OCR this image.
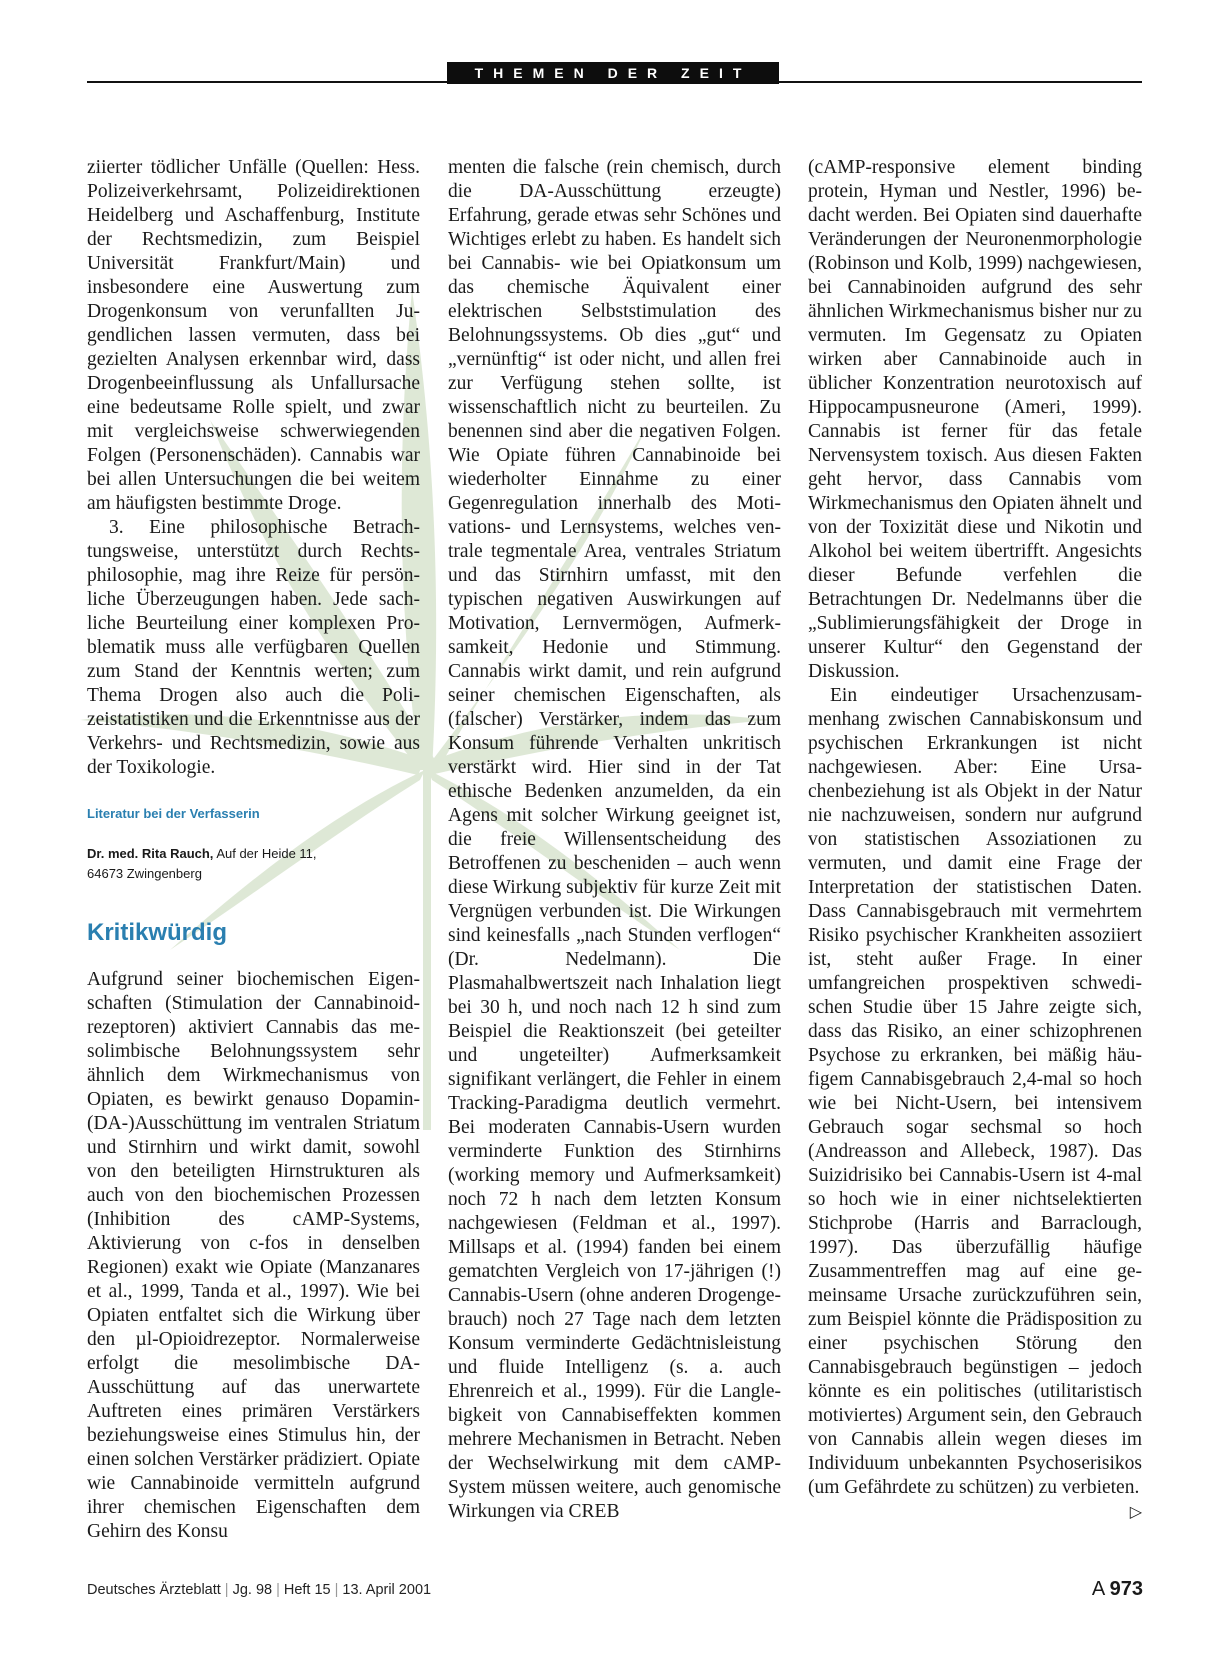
THEMEN DER ZEIT

ziierter tödlicher Unfälle (Quellen: Hess. Polizeiverkehrsamt, Polizeidirektionen Heidelberg und Aschaffenburg, Institute der Rechtsmedizin, zum Beispiel Universität Frankfurt/Main) und insbesondere eine Auswertung zum Drogenkonsum von verunfallten Jugendlichen lassen vermuten, dass bei gezielten Analysen erkennbar wird, dass Drogenbeeinflussung als Unfallursache eine bedeutsame Rolle spielt, und zwar mit vergleichsweise schwerwiegenden Folgen (Personenschäden). Cannabis war bei allen Untersuchungen die bei weitem am häufigsten bestimmte Droge.

3. Eine philosophische Betrachtungsweise, unterstützt durch Rechtsphilosophie, mag ihre Reize für persönliche Überzeugungen haben. Jede sachliche Beurteilung einer komplexen Problematik muss alle verfügbaren Quellen zum Stand der Kenntnis werten; zum Thema Drogen also auch die Polizeistatistiken und die Erkenntnisse aus der Verkehrs- und Rechtsmedizin, sowie aus der Toxikologie.

Literatur bei der Verfasserin
Dr. med. Rita Rauch, Auf der Heide 11,
64673 Zwingenberg
Kritikwürdig

Aufgrund seiner biochemischen Eigenschaften (Stimulation der Cannabinoidrezeptoren) aktiviert Cannabis das mesolimbische Belohnungssystem sehr ähnlich dem Wirkmechanismus von Opiaten, es bewirkt genauso Dopamin-(DA-)Ausschüttung im ventralen Striatum und Stirnhirn und wirkt damit, sowohl von den beteiligten Hirnstrukturen als auch von den biochemischen Prozessen (Inhibition des cAMP-Systems, Aktivierung von c-fos in denselben Regionen) exakt wie Opiate (Manzanares et al., 1999, Tanda et al., 1997). Wie bei Opiaten entfaltet sich die Wirkung über den µl-Opioidrezeptor. Normalerweise erfolgt die mesolimbische DA-Ausschüttung auf das unerwartete Auftreten eines primären Verstärkers beziehungsweise eines Stimulus hin, der einen solchen Verstärker prädiziert. Opiate wie Cannabinoide vermitteln aufgrund ihrer chemischen Eigenschaften dem Gehirn des Konsu

menten die falsche (rein chemisch, durch die DA-Ausschüttung erzeugte) Erfahrung, gerade etwas sehr Schönes und Wichtiges erlebt zu haben. Es handelt sich bei Cannabis- wie bei Opiatkonsum um das chemische Äquivalent einer elektrischen Selbststimulation des Belohnungssystems. Ob dies „gut“ und „vernünftig“ ist oder nicht, und allen frei zur Verfügung stehen sollte, ist wissenschaftlich nicht zu beurteilen. Zu benennen sind aber die negativen Folgen. Wie Opiate führen Cannabinoide bei wiederholter Einnahme zu einer Gegenregulation innerhalb des Motivations- und Lernsystems, welches ventrale tegmentale Area, ventrales Striatum und das Stirnhirn umfasst, mit den typischen negativen Auswirkungen auf Motivation, Lernvermögen, Aufmerksamkeit, Hedonie und Stimmung. Cannabis wirkt damit, und rein aufgrund seiner chemischen Eigenschaften, als (falscher) Verstärker, indem das zum Konsum führende Verhalten unkritisch verstärkt wird. Hier sind in der Tat ethische Bedenken anzumelden, da ein Agens mit solcher Wirkung geeignet ist, die freie Willensentscheidung des Betroffenen zu bescheniden – auch wenn diese Wirkung subjektiv für kurze Zeit mit Vergnügen verbunden ist. Die Wirkungen sind keinesfalls „nach Stunden verflogen“ (Dr. Nedelmann). Die Plasmahalbwertszeit nach Inhalation liegt bei 30 h, und noch nach 12 h sind zum Beispiel die Reaktionszeit (bei geteilter und ungeteilter) Aufmerksamkeit signifikant verlängert, die Fehler in einem Tracking-Paradigma deutlich vermehrt. Bei moderaten Cannabis-Usern wurden verminderte Funktion des Stirnhirns (working memory und Aufmerksamkeit) noch 72 h nach dem letzten Konsum nachgewiesen (Feldman et al., 1997). Millsaps et al. (1994) fanden bei einem gematchten Vergleich von 17-jährigen (!) Cannabis-Usern (ohne anderen Drogengebrauch) noch 27 Tage nach dem letzten Konsum verminderte Gedächtnisleistung und fluide Intelligenz (s. a. auch Ehrenreich et al., 1999). Für die Langlebigkeit von Cannabiseffekten kommen mehrere Mechanismen in Betracht. Neben der Wechselwirkung mit dem cAMP-System müssen weitere, auch genomische Wirkungen via CREB

(cAMP-responsive element binding protein, Hyman und Nestler, 1996) bedacht werden. Bei Opiaten sind dauerhafte Veränderungen der Neuronenmorphologie (Robinson und Kolb, 1999) nachgewiesen, bei Cannabinoiden aufgrund des sehr ähnlichen Wirkmechanismus bisher nur zu vermuten. Im Gegensatz zu Opiaten wirken aber Cannabinoide auch in üblicher Konzentration neurotoxisch auf Hippocampusneurone (Ameri, 1999). Cannabis ist ferner für das fetale Nervensystem toxisch. Aus diesen Fakten geht hervor, dass Cannabis vom Wirkmechanismus den Opiaten ähnelt und von der Toxizität diese und Nikotin und Alkohol bei weitem übertrifft. Angesichts dieser Befunde verfehlen die Betrachtungen Dr. Nedelmanns über die „Sublimierungsfähigkeit der Droge in unserer Kultur“ den Gegenstand der Diskussion.

Ein eindeutiger Ursachenzusammenhang zwischen Cannabiskonsum und psychischen Erkrankungen ist nicht nachgewiesen. Aber: Eine Ursachenbeziehung ist als Objekt in der Natur nie nachzuweisen, sondern nur aufgrund von statistischen Assoziationen zu vermuten, und damit eine Frage der Interpretation der statistischen Daten. Dass Cannabisgebrauch mit vermehrtem Risiko psychischer Krankheiten assoziiert ist, steht außer Frage. In einer umfangreichen prospektiven schwedischen Studie über 15 Jahre zeigte sich, dass das Risiko, an einer schizophrenen Psychose zu erkranken, bei mäßig häufigem Cannabisgebrauch 2,4-mal so hoch wie bei Nicht-Usern, bei intensivem Gebrauch sogar sechsmal so hoch (Andreasson and Allebeck, 1987). Das Suizidrisiko bei Cannabis-Usern ist 4-mal so hoch wie in einer nichtselektierten Stichprobe (Harris and Barraclough, 1997). Das überzufällig häufige Zusammentreffen mag auf eine gemeinsame Ursache zurückzuführen sein, zum Beispiel könnte die Prädisposition zu einer psychischen Störung den Cannabisgebrauch begünstigen – jedoch könnte es ein politisches (utilitaristisch motiviertes) Argument sein, den Gebrauch von Cannabis allein wegen dieses im Individuum unbekannten Psychoserisikos (um Gefährdete zu schützen) zu verbieten.
▷

Deutsches Ärzteblatt | Jg. 98 | Heft 15 | 13. April 2001	A 973
